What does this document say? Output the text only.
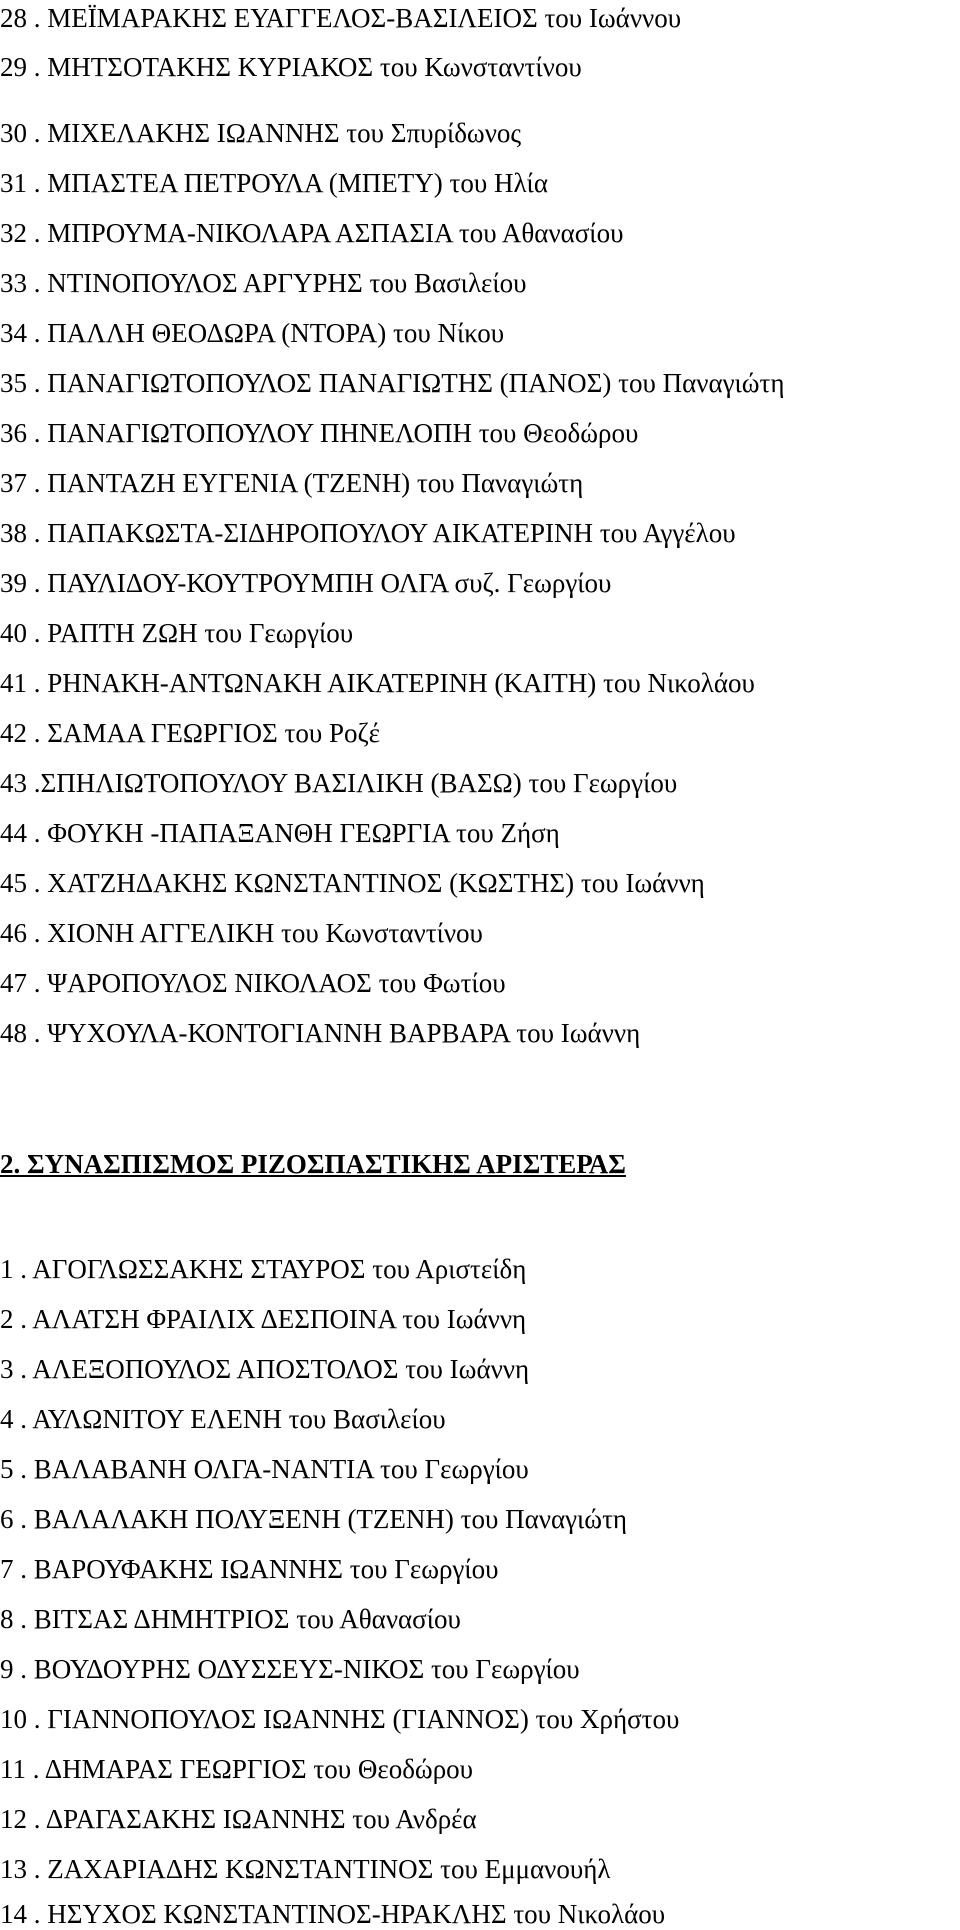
28 . ΜΕΪΜΑΡΑΚΗΣ ΕΥΑΓΓΕΛΟΣ-ΒΑΣΙΛΕΙΟΣ του Ιωάννου
29 . ΜΗΤΣΟΤΑΚΗΣ ΚΥΡΙΑΚΟΣ του Κωνσταντίνου
30 . ΜΙΧΕΛΑΚΗΣ ΙΩΑΝΝΗΣ του Σπυρίδωνος
31 . ΜΠΑΣΤΕΑ ΠΕΤΡΟΥΛΑ (ΜΠΕΤΥ) του Ηλία
32 . ΜΠΡΟΥΜΑ-ΝΙΚΟΛΑΡΑ ΑΣΠΑΣΙΑ του Αθανασίου
33 . ΝΤΙΝΟΠΟΥΛΟΣ ΑΡΓΥΡΗΣ του Βασιλείου
34 . ΠΑΛΛΗ ΘΕΟΔΩΡΑ (ΝΤΟΡΑ) του Νίκου
35 . ΠΑΝΑΓΙΩΤΟΠΟΥΛΟΣ ΠΑΝΑΓΙΩΤΗΣ (ΠΑΝΟΣ) του Παναγιώτη
36 . ΠΑΝΑΓΙΩΤΟΠΟΥΛΟΥ ΠΗΝΕΛΟΠΗ του Θεοδώρου
37 . ΠΑΝΤΑΖΗ ΕΥΓΕΝΙΑ (ΤΖΕΝΗ) του Παναγιώτη
38 . ΠΑΠΑΚΩΣΤΑ-ΣΙΔΗΡΟΠΟΥΛΟΥ ΑΙΚΑΤΕΡΙΝΗ του Αγγέλου
39 . ΠΑΥΛΙΔΟΥ-ΚΟΥΤΡΟΥΜΠΗ ΟΛΓΑ συζ. Γεωργίου
40 . ΡΑΠΤΗ ΖΩΗ του Γεωργίου
41 . ΡΗΝΑΚΗ-ΑΝΤΩΝΑΚΗ ΑΙΚΑΤΕΡΙΝΗ (ΚΑΙΤΗ) του Νικολάου
42 . ΣΑΜΑΑ ΓΕΩΡΓΙΟΣ του Ροζέ
43 .ΣΠΗΛΙΩΤΟΠΟΥΛΟΥ ΒΑΣΙΛΙΚΗ (ΒΑΣΩ) του Γεωργίου
44 . ΦΟΥΚΗ -ΠΑΠΑΞΑΝΘΗ ΓΕΩΡΓΙΑ του Ζήση
45 . ΧΑΤΖΗΔΑΚΗΣ ΚΩΝΣΤΑΝΤΙΝΟΣ (ΚΩΣΤΗΣ) του Ιωάννη
46 . ΧΙΟΝΗ ΑΓΓΕΛΙΚΗ του Κωνσταντίνου
47 . ΨΑΡΟΠΟΥΛΟΣ ΝΙΚΟΛΑΟΣ του Φωτίου
48 . ΨΥΧΟΥΛΑ-ΚΟΝΤΟΓΙΑΝΝΗ ΒΑΡΒΑΡΑ του Ιωάννη
2. ΣΥΝΑΣΠΙΣΜΟΣ ΡΙΖΟΣΠΑΣΤΙΚΗΣ ΑΡΙΣΤΕΡΑΣ
1 . ΑΓΟΓΛΩΣΣΑΚΗΣ ΣΤΑΥΡΟΣ του Αριστείδη
2 . ΑΛΑΤΣΗ ΦΡΑΙΛΙΧ ΔΕΣΠΟΙΝΑ του Ιωάννη
3 . ΑΛΕΞΟΠΟΥΛΟΣ ΑΠΟΣΤΟΛΟΣ του Ιωάννη
4 . ΑΥΛΩΝΙΤΟΥ ΕΛΕΝΗ του Βασιλείου
5 . ΒΑΛΑΒΑΝΗ ΟΛΓΑ-ΝΑΝΤΙΑ του Γεωργίου
6 . ΒΑΛΑΛΑΚΗ ΠΟΛΥΞΕΝΗ (ΤΖΕΝΗ) του Παναγιώτη
7 . ΒΑΡΟΥΦΑΚΗΣ ΙΩΑΝΝΗΣ του Γεωργίου
8 . ΒΙΤΣΑΣ ΔΗΜΗΤΡΙΟΣ του Αθανασίου
9 . ΒΟΥΔΟΥΡΗΣ ΟΔΥΣΣΕΥΣ-ΝΙΚΟΣ του Γεωργίου
10 . ΓΙΑΝΝΟΠΟΥΛΟΣ ΙΩΑΝΝΗΣ (ΓΙΑΝΝΟΣ) του Χρήστου
11 . ΔΗΜΑΡΑΣ ΓΕΩΡΓΙΟΣ του Θεοδώρου
12 . ΔΡΑΓΑΣΑΚΗΣ ΙΩΑΝΝΗΣ του Ανδρέα
13 . ΖΑΧΑΡΙΑΔΗΣ ΚΩΝΣΤΑΝΤΙΝΟΣ του Εμμανουήλ
14 . ΗΣΥΧΟΣ ΚΩΝΣΤΑΝΤΙΝΟΣ-ΗΡΑΚΛΗΣ του Νικολάου
